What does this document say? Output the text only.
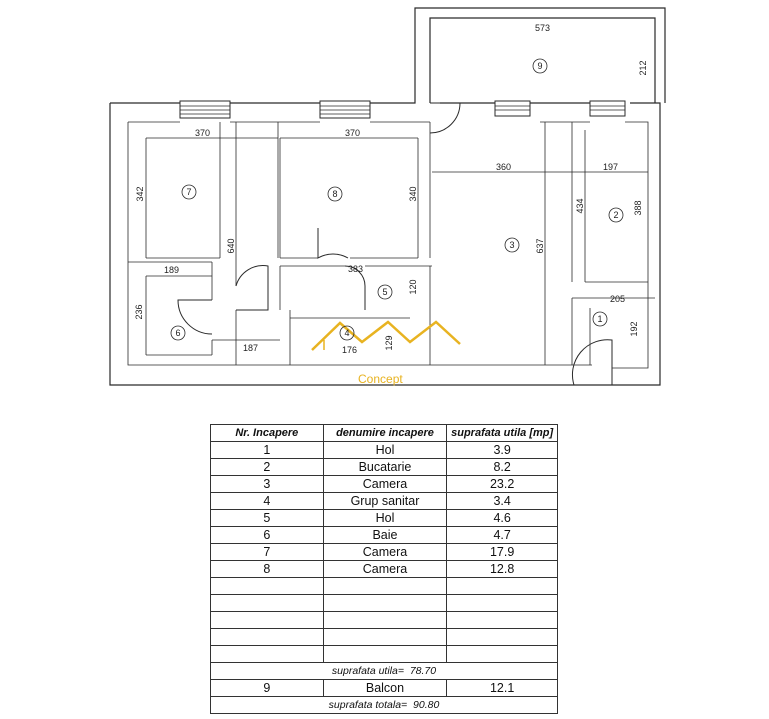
Concept
573
212
370	370
342	340
640
360	197
434	388
637
189
236
383
120
176	129
187
205
192
1
2
3
4
5
6
7	8
9
Nr. Incapere	denumire incapere	suprafata utila [mp]
1	Hol	3.9
2	Bucatarie	8.2
3	Camera	23.2
4	Grup sanitar	3.4
5	Hol	4.6
6	Baie	4.7
7	Camera	17.9
8	Camera	12.8

suprafata utila= 78.70		
9	Balcon	12.1
suprafata totala= 90.80		
